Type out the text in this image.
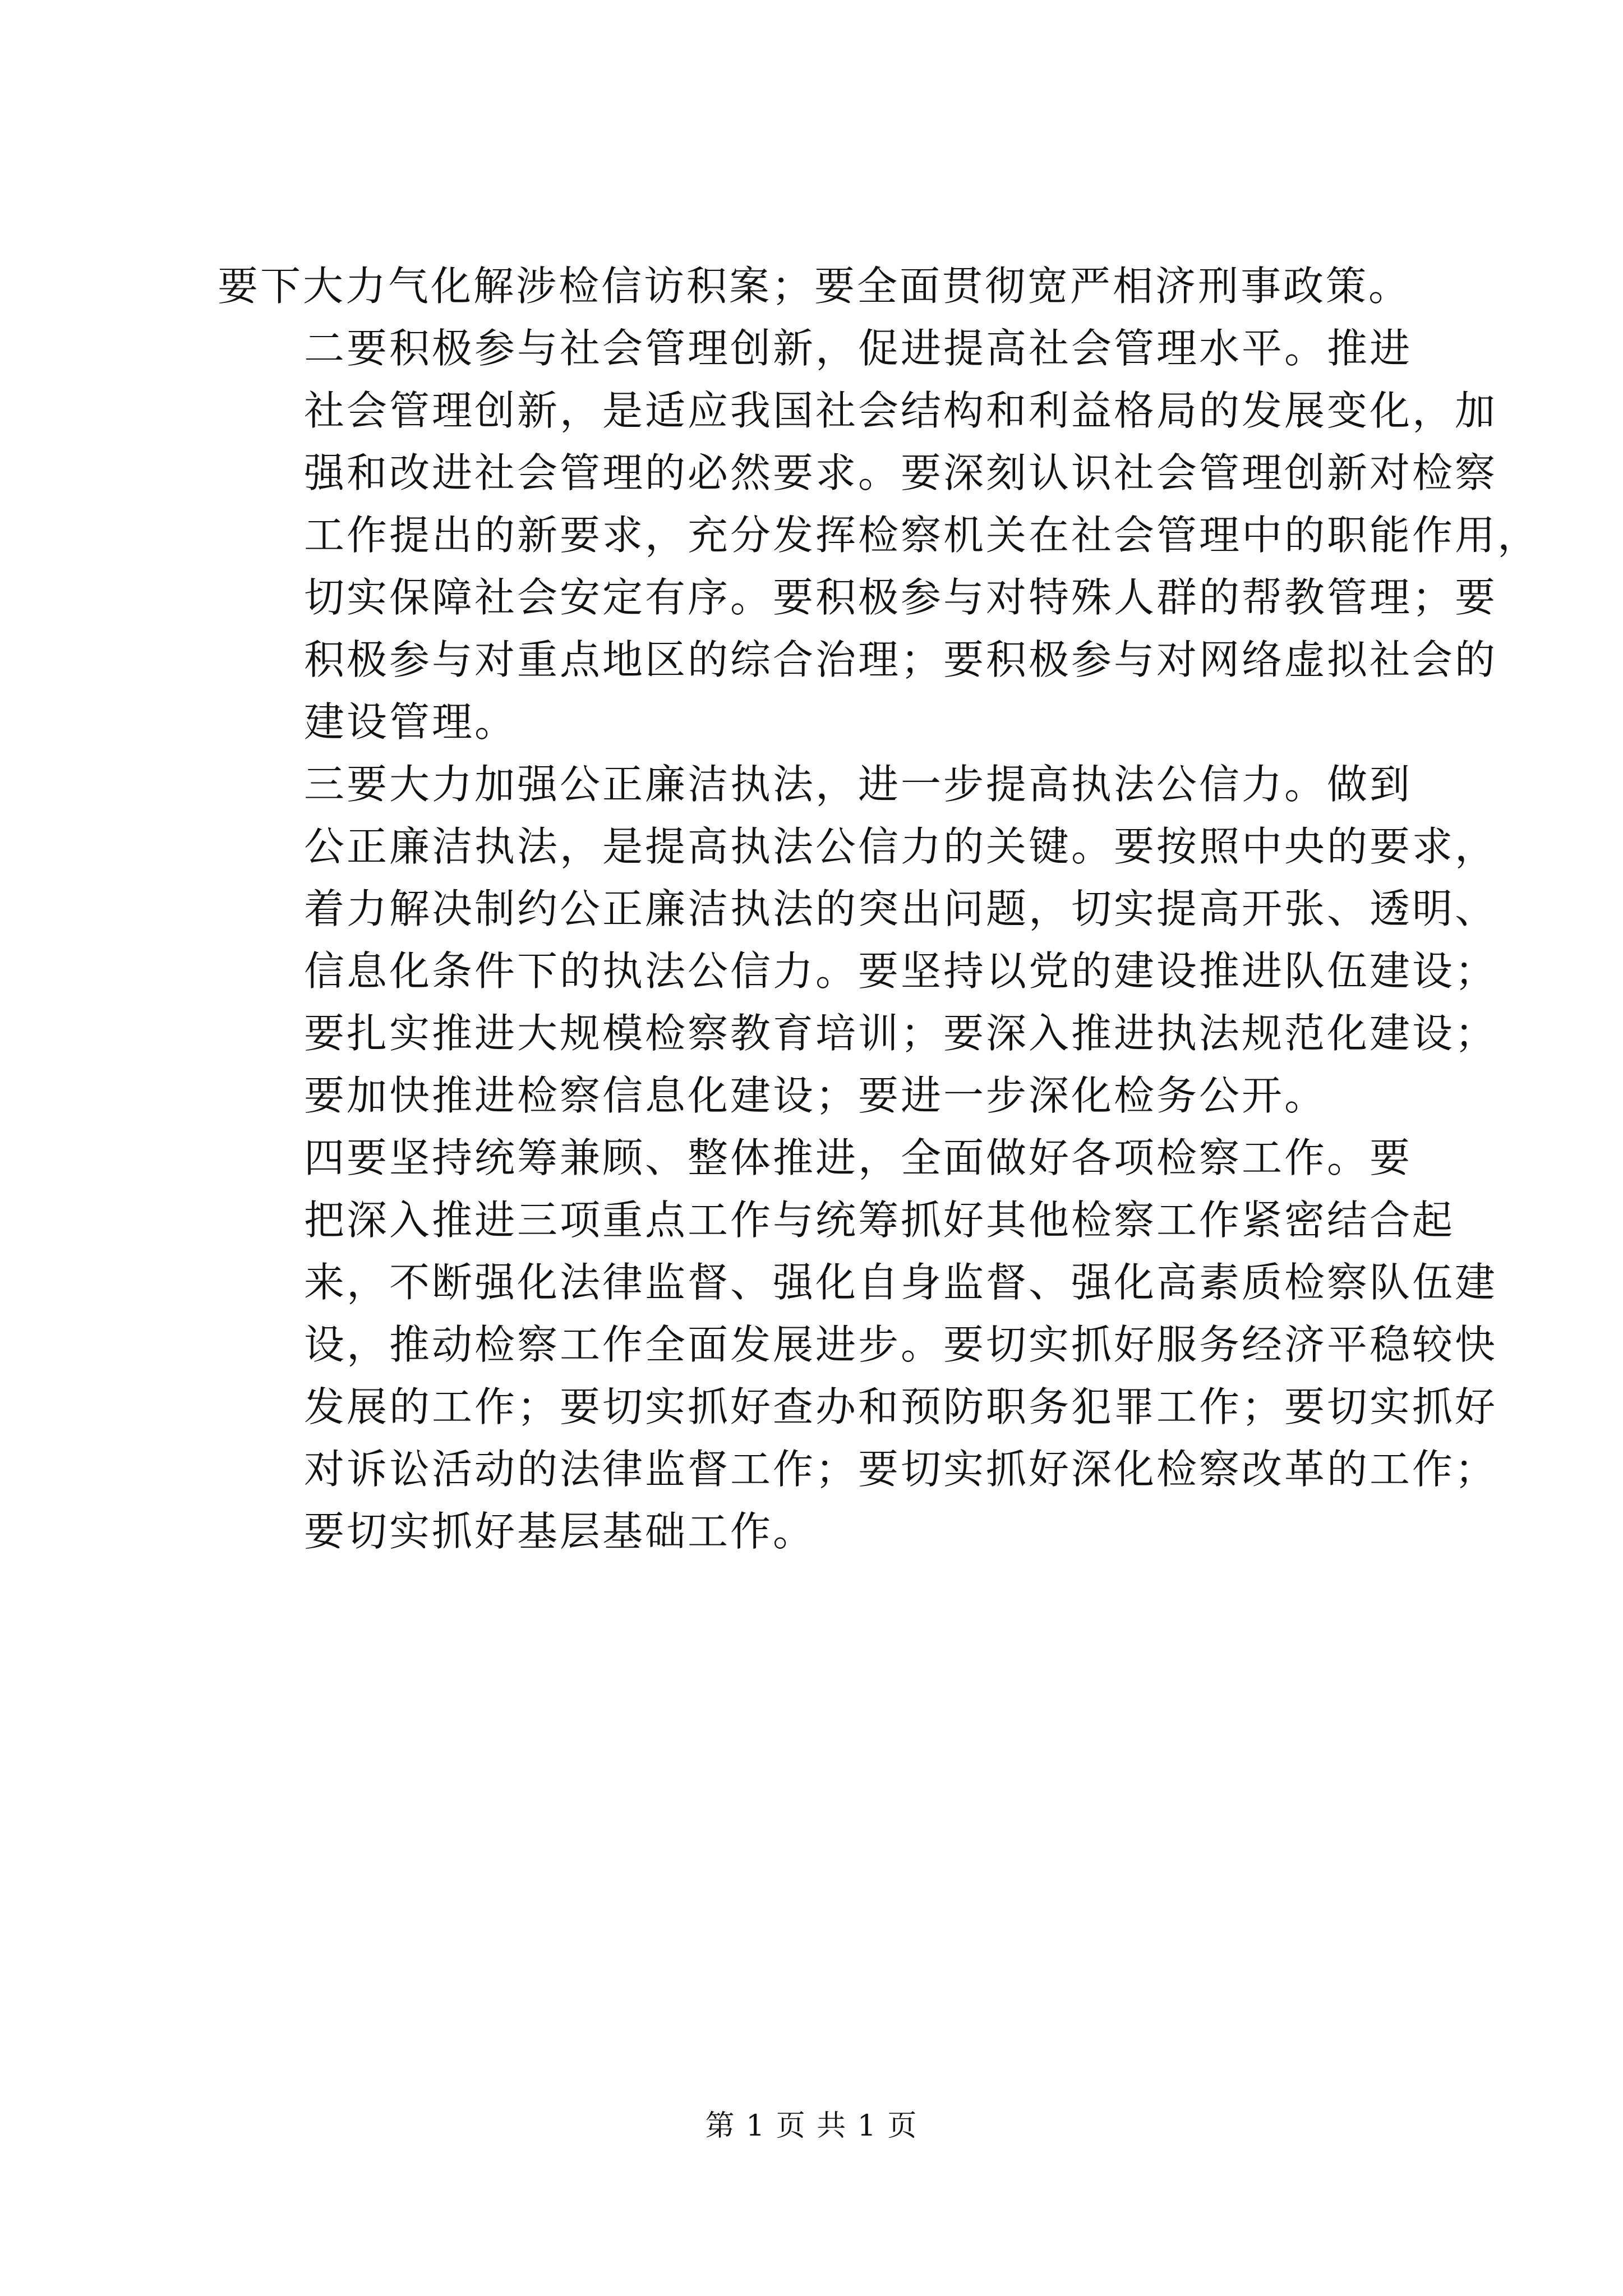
要下大力气化解涉检信访积案；要全面贯彻宽严相济刑事政策。

二要积极参与社会管理创新，促进提高社会管理水平。推进
社会管理创新，是适应我国社会结构和利益格局的发展变化，加
强和改进社会管理的必然要求。要深刻认识社会管理创新对检察
工作提出的新要求，充分发挥检察机关在社会管理中的职能作用，
切实保障社会安定有序。要积极参与对特殊人群的帮教管理；要
积极参与对重点地区的综合治理；要积极参与对网络虚拟社会的
建设管理。

三要大力加强公正廉洁执法，进一步提高执法公信力。做到
公正廉洁执法，是提高执法公信力的关键。要按照中央的要求，
着力解决制约公正廉洁执法的突出问题，切实提高开张、透明、
信息化条件下的执法公信力。要坚持以党的建设推进队伍建设；
要扎实推进大规模检察教育培训；要深入推进执法规范化建设；
要加快推进检察信息化建设；要进一步深化检务公开。

四要坚持统筹兼顾、整体推进，全面做好各项检察工作。要
把深入推进三项重点工作与统筹抓好其他检察工作紧密结合起
来，不断强化法律监督、强化自身监督、强化高素质检察队伍建
设，推动检察工作全面发展进步。要切实抓好服务经济平稳较快
发展的工作；要切实抓好查办和预防职务犯罪工作；要切实抓好
对诉讼活动的法律监督工作；要切实抓好深化检察改革的工作；
要切实抓好基层基础工作。

第 1 页 共 1 页
